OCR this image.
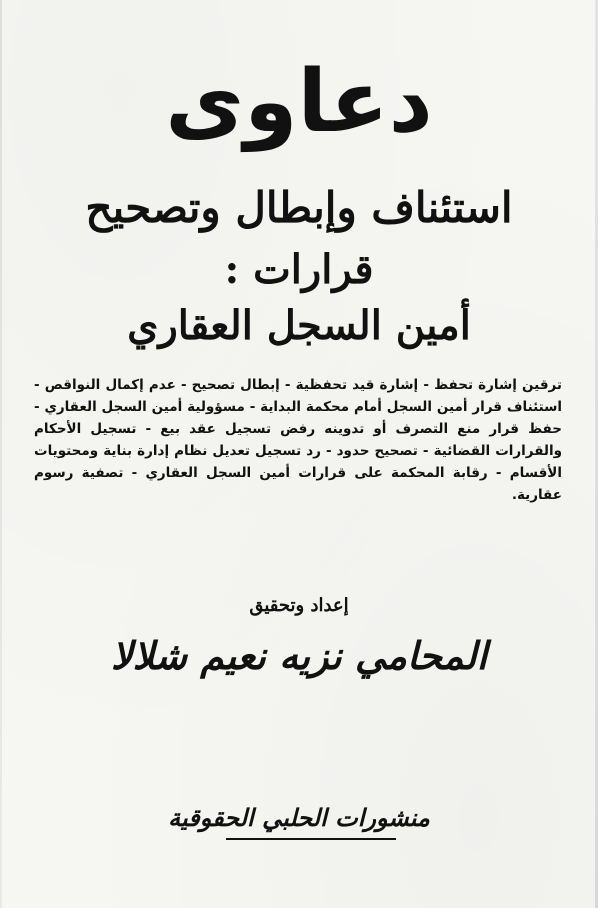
دعاوى
استئناف وإبطال وتصحيح
قرارات :
أمين السجل العقاري
ترقين إشارة تحفظ - إشارة قيد تحفظية - إبطال تصحيح - عدم إكمال النواقص - استئناف قرار أمين السجل أمام محكمة البداية - مسؤولية أمين السجل العقاري - حفظ قرار منع التصرف أو تدوينه رفض تسجيل عقد بيع - تسجيل الأحكام والقرارات القضائية - تصحيح حدود - رد تسجيل تعديل نظام إدارة بناية ومحتويات الأقسام - رقابة المحكمة على قرارات أمين السجل العقاري - تصفية رسوم عقارية.
إعداد وتحقيق
المحامي نزيه نعيم شلالا
منشورات الحلبي الحقوقية
